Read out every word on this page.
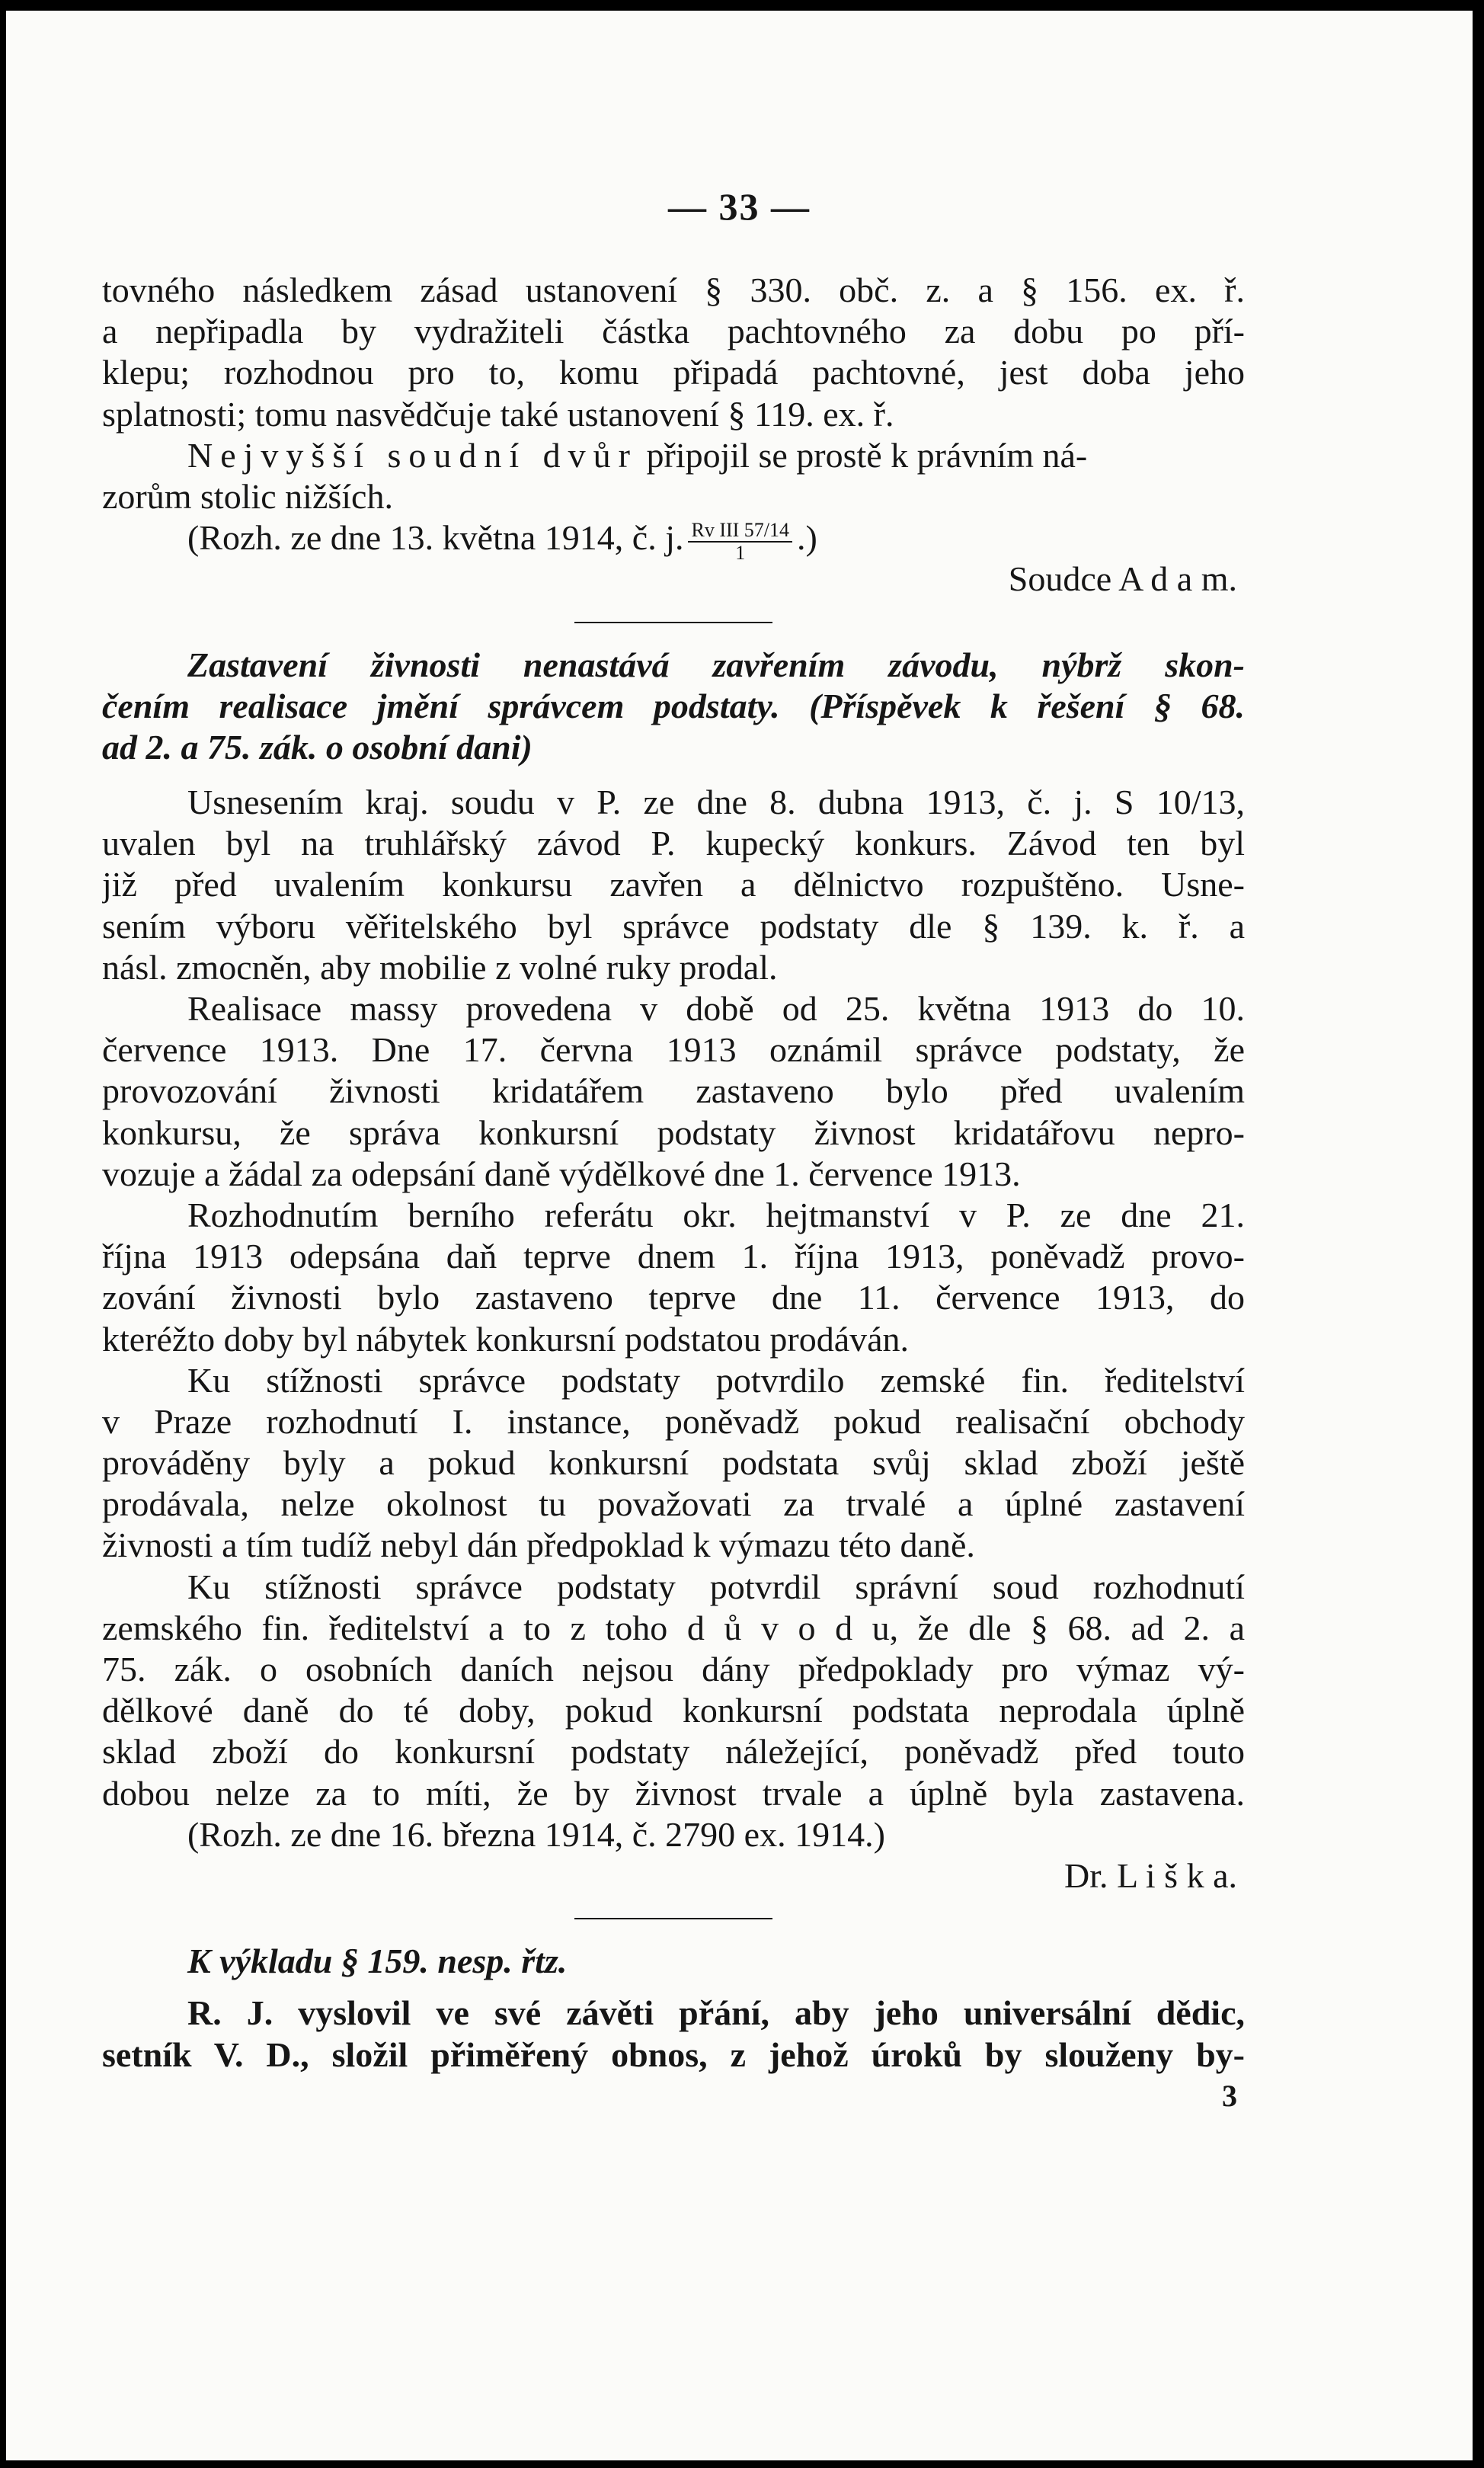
— 33 —
tovného následkem zásad ustanovení § 330. obč. z. a § 156. ex. ř.
a nepřipadla by vydražiteli částka pachtovného za dobu po pří-
klepu; rozhodnou pro to, komu připadá pachtovné, jest doba jeho
splatnosti; tomu nasvědčuje také ustanovení § 119. ex. ř.
Nejvyšší soudní dvůr připojil se prostě k právním ná-
zorům stolic nižších.
(Rozh. ze dne 13. května 1914, č. j. $\frac{\text{Rv III 57/14}}{1}$ .)
Soudce A d a m.
Zastavení živnosti nenastává zavřením závodu, nýbrž skon-
čením realisace jmění správcem podstaty. (Příspěvek k řešení § 68.
ad 2. a 75. zák. o osobní dani)
Usnesením kraj. soudu v P. ze dne 8. dubna 1913, č. j. S 10/13,
uvalen byl na truhlářský závod P. kupecký konkurs. Závod ten byl
již před uvalením konkursu zavřen a dělnictvo rozpuštěno. Usne-
sením výboru věřitelského byl správce podstaty dle § 139. k. ř. a
násl. zmocněn, aby mobilie z volné ruky prodal.
Realisace massy provedena v době od 25. května 1913 do 10.
července 1913. Dne 17. června 1913 oznámil správce podstaty, že
provozování živnosti kridatářem zastaveno bylo před uvalením
konkursu, že správa konkursní podstaty živnost kridatářovu nepro-
vozuje a žádal za odepsání daně výdělkové dne 1. července 1913.
Rozhodnutím berního referátu okr. hejtmanství v P. ze dne 21.
října 1913 odepsána daň teprve dnem 1. října 1913, poněvadž provo-
zování živnosti bylo zastaveno teprve dne 11. července 1913, do
kteréžto doby byl nábytek konkursní podstatou prodáván.
Ku stížnosti správce podstaty potvrdilo zemské fin. ředitelství
v Praze rozhodnutí I. instance, poněvadž pokud realisační obchody
prováděny byly a pokud konkursní podstata svůj sklad zboží ještě
prodávala, nelze okolnost tu považovati za trvalé a úplné zastavení
živnosti a tím tudíž nebyl dán předpoklad k výmazu této daně.
Ku stížnosti správce podstaty potvrdil správní soud rozhodnutí
zemského fin. ředitelství a to z toho d ů v o d u, že dle § 68. ad 2. a
75. zák. o osobních daních nejsou dány předpoklady pro výmaz vý-
dělkové daně do té doby, pokud konkursní podstata neprodala úplně
sklad zboží do konkursní podstaty náležející, poněvadž před touto
dobou nelze za to míti, že by živnost trvale a úplně byla zastavena.
(Rozh. ze dne 16. března 1914, č. 2790 ex. 1914.)
Dr. L i š k a.
K výkladu § 159. nesp. řtz.
R. J. vyslovil ve své závěti přání, aby jeho universální dědic,
setník V. D., složil přiměřený obnos, z jehož úroků by slouženy by-
3
